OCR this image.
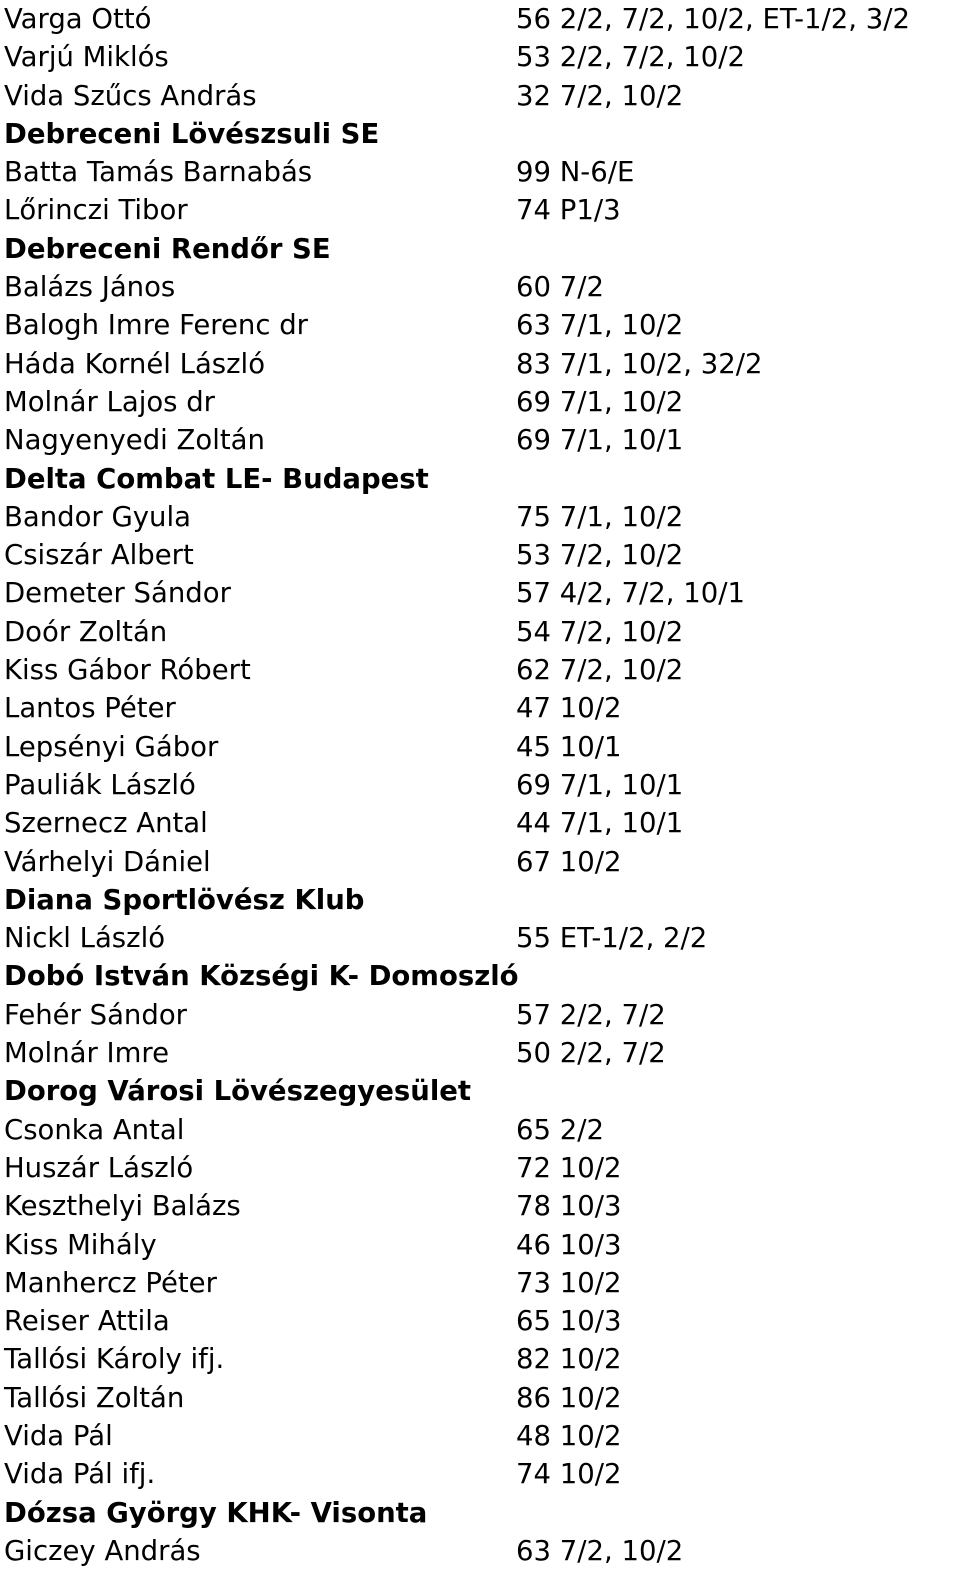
Varga Ottó	56 2/2, 7/2, 10/2, ET-1/2, 3/2
Varjú Miklós	53 2/2, 7/2, 10/2
Vida Szűcs András	32 7/2, 10/2
Debreceni Lövészsuli SE
Batta Tamás Barnabás	99 N-6/E
Lőrinczi Tibor	74 P1/3
Debreceni Rendőr SE
Balázs János	60 7/2
Balogh Imre Ferenc dr	63 7/1, 10/2
Háda Kornél László	83 7/1, 10/2, 32/2
Molnár Lajos dr	69 7/1, 10/2
Nagyenyedi Zoltán	69 7/1, 10/1
Delta Combat LE- Budapest
Bandor Gyula	75 7/1, 10/2
Csiszár Albert	53 7/2, 10/2
Demeter Sándor	57 4/2, 7/2, 10/1
Doór Zoltán	54 7/2, 10/2
Kiss Gábor Róbert	62 7/2, 10/2
Lantos Péter	47 10/2
Lepsényi Gábor	45 10/1
Pauliák László	69 7/1, 10/1
Szernecz Antal	44 7/1, 10/1
Várhelyi Dániel	67 10/2
Diana Sportlövész Klub
Nickl László	55 ET-1/2, 2/2
Dobó István Községi K- Domoszló
Fehér Sándor	57 2/2, 7/2
Molnár Imre	50 2/2, 7/2
Dorog Városi Lövészegyesület
Csonka Antal	65 2/2
Huszár László	72 10/2
Keszthelyi Balázs	78 10/3
Kiss Mihály	46 10/3
Manhercz Péter	73 10/2
Reiser Attila	65 10/3
Tallósi Károly ifj.	82 10/2
Tallósi Zoltán	86 10/2
Vida Pál	48 10/2
Vida Pál ifj.	74 10/2
Dózsa György KHK- Visonta
Giczey András	63 7/2, 10/2
